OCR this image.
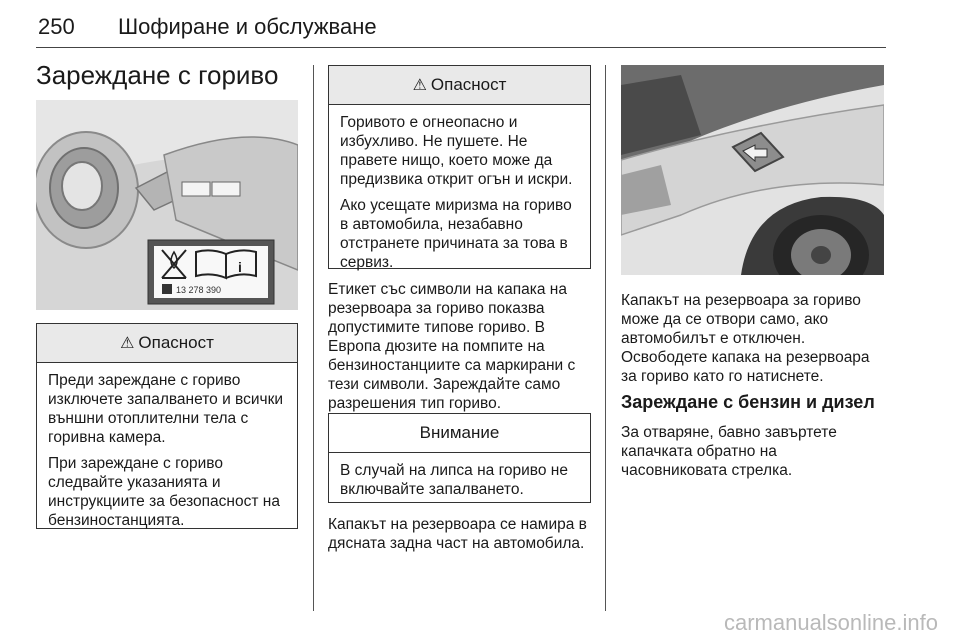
250 Шофиране и обслужване
Зареждане с гориво
i
13 278 390
⚠ Опасност

Преди зареждане с гориво изключете запалването и всички външни отоплителни тела с горивна камера.

При зареждане с гориво следвайте указанията и инструкциите за безопасност на бензиностанцията.

⚠ Опасност

Горивото е огнеопасно и избухливо. Не пушете. Не правете нищо, което може да предизвика открит огън и искри.

Ако усещате миризма на гориво в автомобила, незабавно отстранете причината за това в сервиз.

Етикет със символи на капака на резервоара за гориво показва допустимите типове гориво. В Европа дюзите на помпите на бензиностанциите са маркирани с тези символи. Зареждайте само разрешения тип гориво.

Внимание

В случай на липса на гориво не включвайте запалването.

Капакът на резервоара се намира в дясната задна част на автомобила.

Капакът на резервоара за гориво може да се отвори само, ако автомобилът е отключен. Освободете капака на резервоара за гориво като го натиснете.

Зареждане с бензин и дизел

За отваряне, бавно завъртете капачката обратно на часовниковата стрелка.

carmanualsonline.info
